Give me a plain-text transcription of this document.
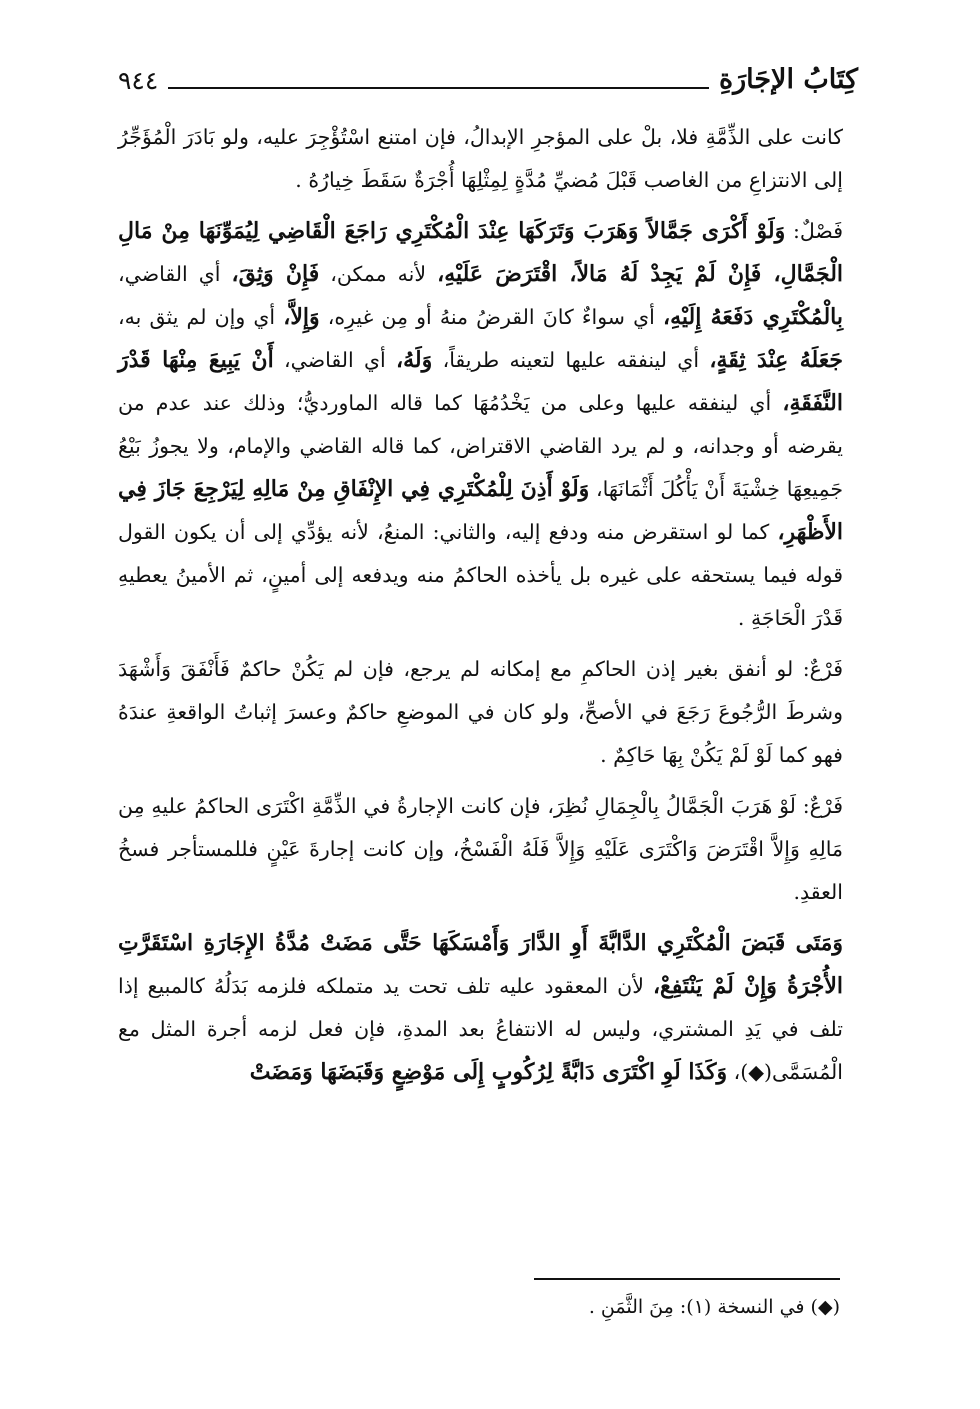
كِتَابُ الإجَارَةِ
٩٤٤

كانت على الذِّمَّةِ فلا، بلْ على المؤجرِ الإبدالُ، فإن امتنع اسْتُؤْجِرَ عليه، ولو بَادَرَ الْمُؤَجِّرُ إلى الانتزاعِ من الغاصب قَبْلَ مُضيِّ مُدَّةٍ لِمِثْلِهَا أُجْرَةٌ سَقَطَ خِيارُهُ .

فَصْلٌ: وَلَوْ أَكْرَى جَمَّالاً وَهَرَبَ وَتَرَكَهَا عِنْدَ الْمُكْتَرِي رَاجَعَ الْقَاضِي لِيُمَوِّنَهَا مِنْ مَالِ الْجَمَّالِ، فَإِنْ لَمْ يَجِدْ لَهُ مَالاً، اقْتَرَضَ عَلَيْهِ، لأنه ممكن، فَإِنْ وَثِقَ، أي القاضي، بِالْمُكْتَرِي دَفَعَهُ إِلَيْهِ، أي سواءٌ كانَ القرضُ منهُ أو مِن غيرِه، وَإِلاَّ، أي وإن لم يثق به، جَعَلَهُ عِنْدَ ثِقَةٍ، أي لينفقه عليها لتعينه طريقاً، وَلَهُ، أي القاضي، أَنْ يَبِيعَ مِنْهَا قَدْرَ النَّفَقَةِ، أي لينفقه عليها وعلى من يَخْدُمُهَا كما قاله الماورديُّ؛ وذلك عند عدم من يقرضه أو وجدانه، و لم يرد القاضي الاقتراض، كما قاله القاضي والإمام، ولا يجوزُ بَيْعُ جَمِيعِهَا خِشْيَةَ أَنْ يَأْكُلَ أَثْمَانَهَا، وَلَوْ أَذِنَ لِلْمُكْتَرِي فِي الإِنْفَاقِ مِنْ مَالِهِ لِيَرْجِعَ جَازَ فِي الأَظْهَرِ، كما لو استقرض منه ودفع إليه، والثاني: المنعُ، لأنه يؤدِّي إلى أن يكون القول قوله فيما يستحقه على غيره بل يأخذه الحاكمُ منه ويدفعه إلى أمينٍ، ثم الأمينُ يعطيهِ قَدْرَ الْحَاجَةِ .

فَرْعٌ: لو أنفق بغير إذن الحاكمِ مع إمكانه لم يرجع، فإن لم يَكُنْ حاكمٌ فَأَنْفَقَ وَأَشْهَدَ وشرطَ الرُّجُوعَ رَجَعَ في الأصحِّ، ولو كان في الموضعِ حاكمٌ وعسرَ إثباتُ الواقعةِ عندَهُ فهو كما لَوْ لَمْ يَكُنْ بِهَا حَاكِمٌ .

فَرْعٌ: لَوْ هَرَبَ الْجَمَّالُ بِالْجِمَالِ نُظِرَ، فإن كانت الإجارةُ في الذِّمَّةِ اكْتَرَى الحاكمُ عليهِ مِن مَالِهِ وَإِلاَّ اقْتَرَضَ وَاكْتَرَى عَلَيْهِ وَإِلاَّ فَلَهُ الْفَسْخُ، وإن كانت إجارةَ عَيْنٍ فللمستأجر فسخُ العقدِ.

وَمَتَى قَبَضَ الْمُكْتَرِي الدَّابَّةَ أَوِ الدَّارَ وَأَمْسَكَهَا حَتَّى مَضَتْ مُدَّةُ الإِجَارَةِ اسْتَقَرَّتِ الأُجْرَةُ وَإِنْ لَمْ يَنْتَفِعْ، لأن المعقود عليه تلف تحت يد متملكه فلزمه بَدَلُهُ كالمبيع إذا تلف في يَدِ المشتري، وليس له الانتفاعُ بعد المدةِ، فإن فعل لزمه أجرة المثل مع الْمُسَمَّى(◆)، وَكَذَا لَوِ اكْتَرَى دَابَّةً لِرُكُوبٍ إِلَى مَوْضِعٍ وَقَبَضَهَا وَمَضَتْ

(◆) في النسخة (١): مِنَ الثَّمَنِ .
